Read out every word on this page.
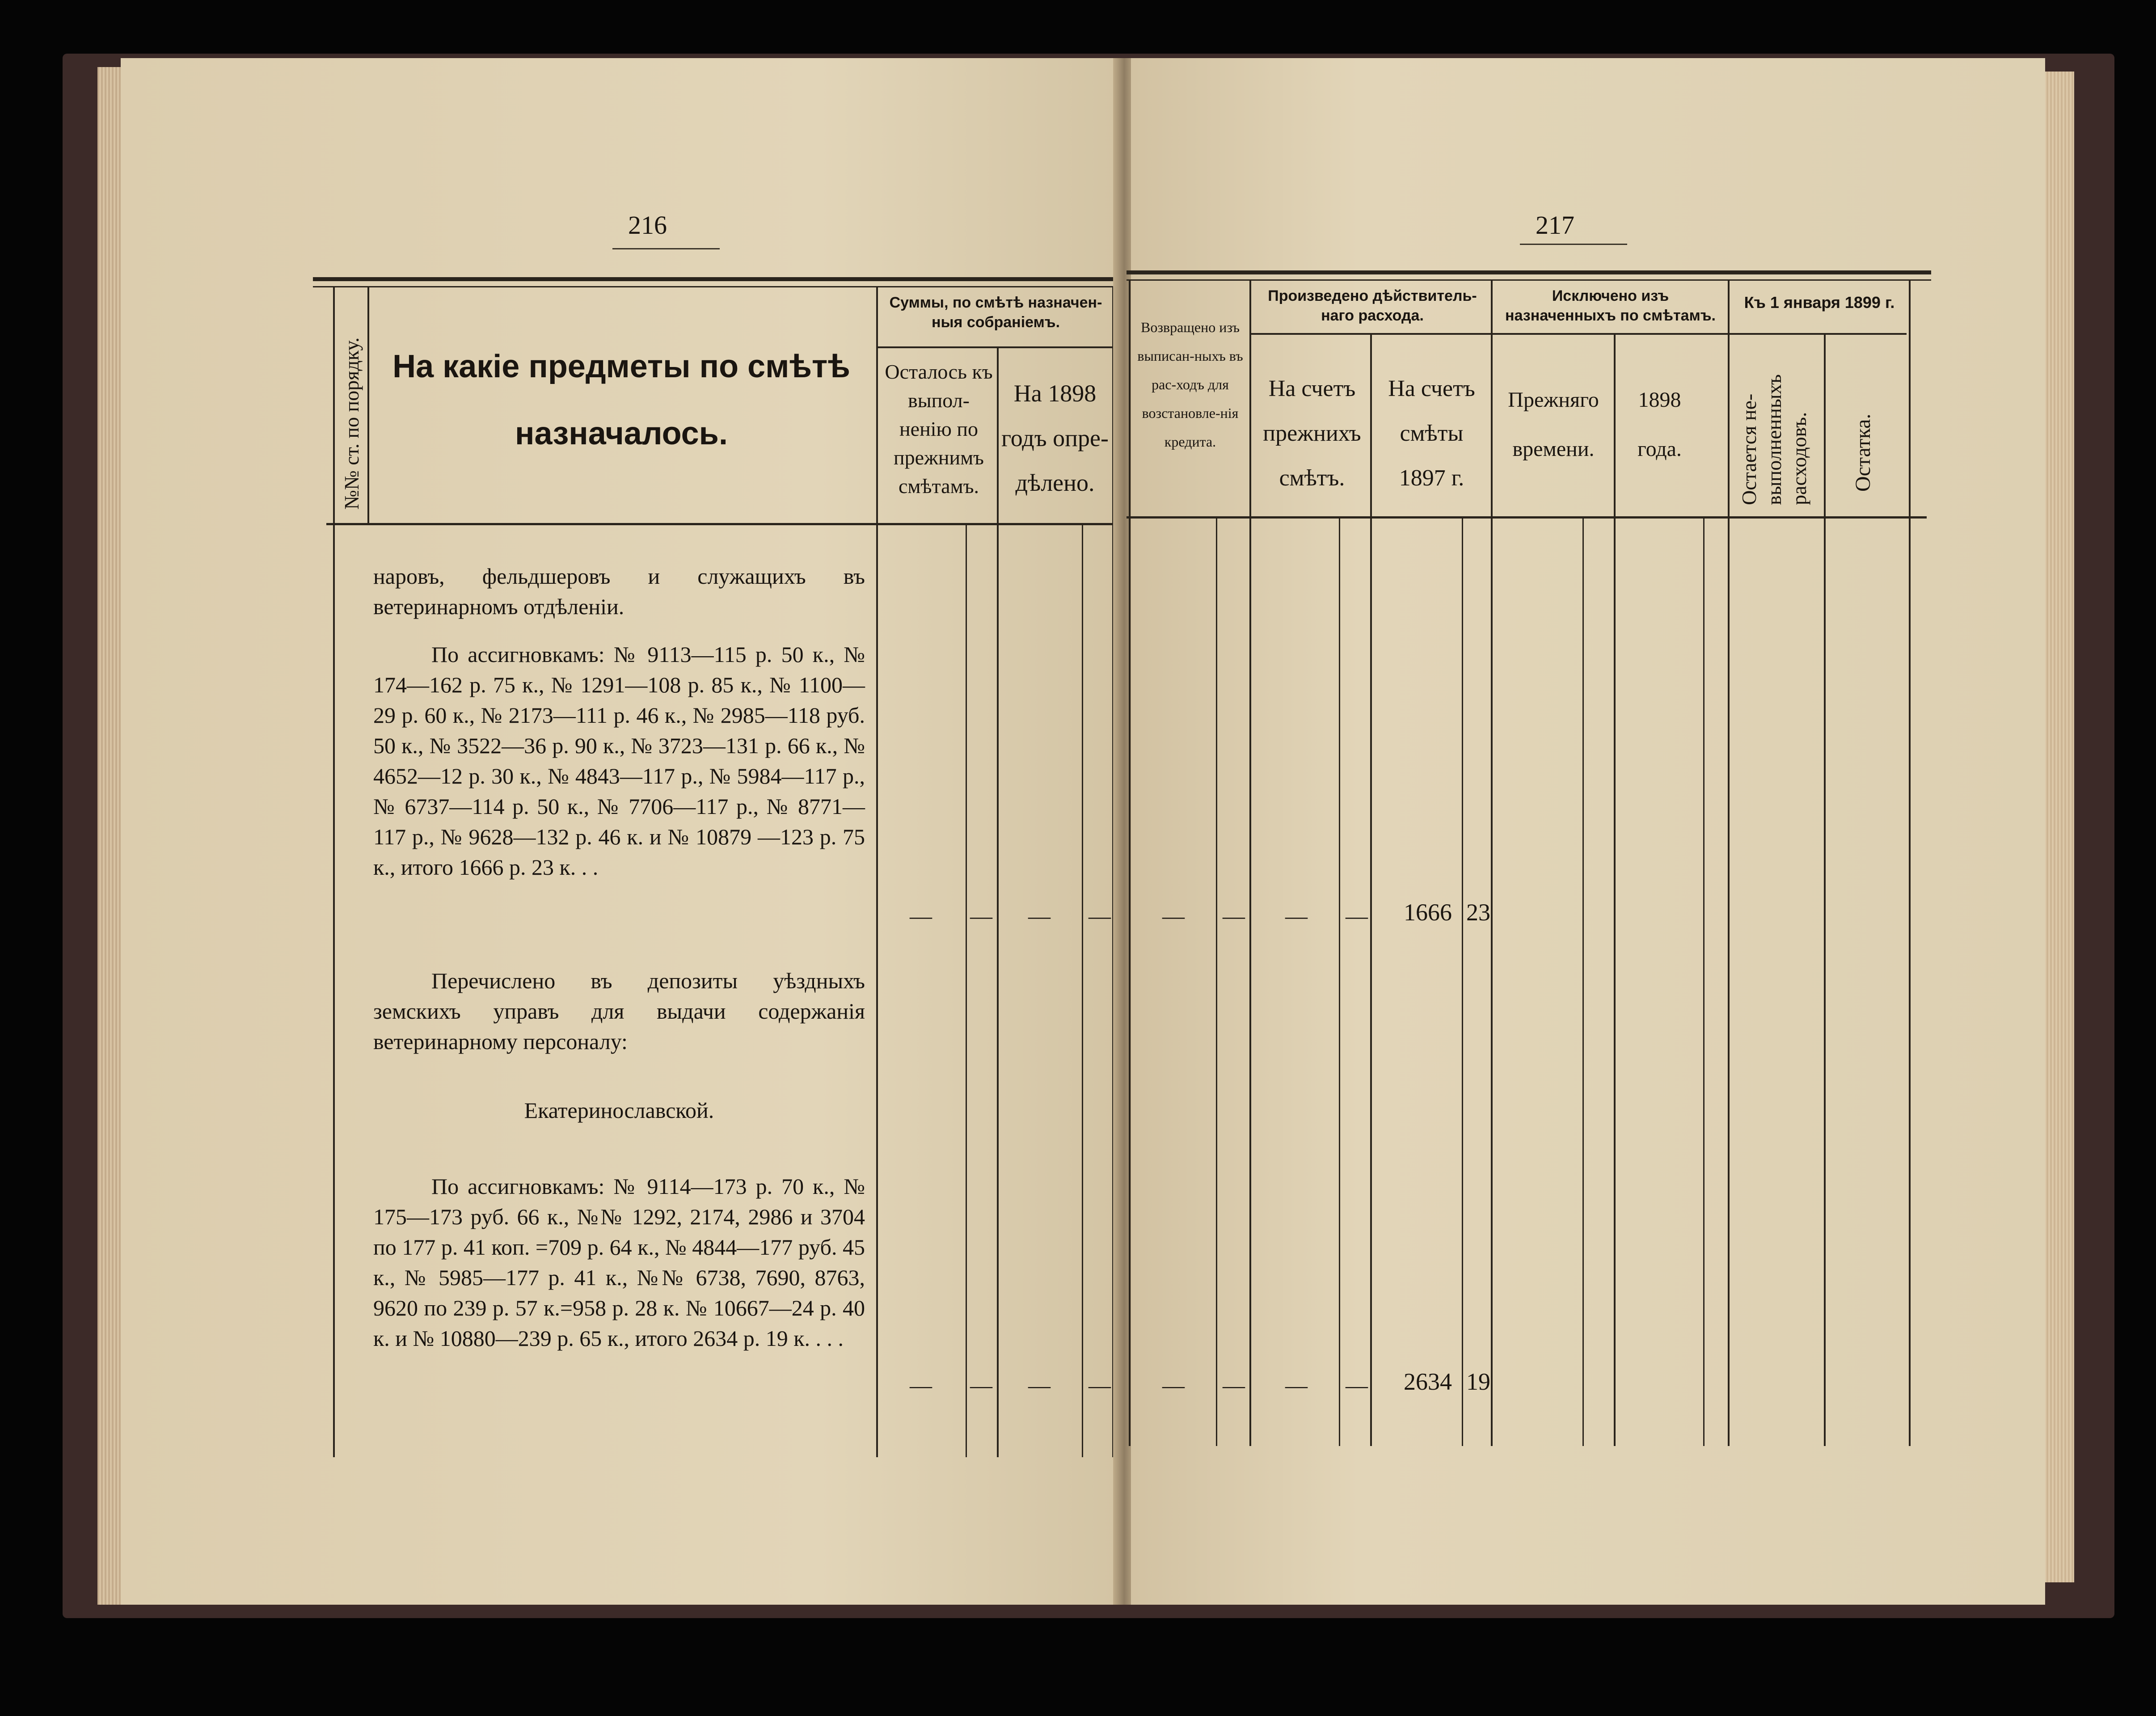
216
№№ ст. по порядку. На какіе предметы по смѣтѣ назначалось.
Суммы, по смѣтѣ назначен-ныя собраніемъ.
Осталось къ выпол-ненію по прежнимъ смѣтамъ.
На 1898 годъ опре-дѣлено.
наровъ, фельдшеровъ и служащихъ въ ветеринарномъ отдѣленіи.
По ассигновкамъ: № 9113—115 р. 50 к., № 174—162 р. 75 к., № 1291—108 р. 85 к., № 1100—29 р. 60 к., № 2173—111 р. 46 к., № 2985—118 руб. 50 к., № 3522—36 р. 90 к., № 3723—131 р. 66 к., № 4652—12 р. 30 к., № 4843—117 р., № 5984—117 р., № 6737—114 р. 50 к., № 7706—117 р., № 8771—117 р., № 9628—132 р. 46 к. и № 10879 —123 р. 75 к., итого 1666 р. 23 к. . .
Перечислено въ депозиты уѣздныхъ земскихъ управъ для выдачи содержанія ветеринарному персоналу:
Екатеринославской.
По ассигновкамъ: № 9114—173 р. 70 к., № 175—173 руб. 66 к., №№ 1292, 2174, 2986 и 3704 по 177 р. 41 коп. =709 р. 64 к., № 4844—177 руб. 45 к., № 5985—177 р. 41 к., №№ 6738, 7690, 8763, 9620 по 239 р. 57 к.=958 р. 28 к. № 10667—24 р. 40 к. и № 10880—239 р. 65 к., итого 2634 р. 19 к. . . .
— — — —
— — — —
217
Возвращено изъ выписан-ныхъ въ рас-ходъ для возстановле-нія кредита.
Произведено дѣйствитель-наго расхода.
На счетъ прежнихъ смѣтъ.
На счетъ смѣты 1897 г.
Исключено изъ назначенныхъ по смѣтамъ.
Прежняго времени.
1898 года.
Къ 1 января 1899 г.
Остается не-выполненныхъ расходовъ. Остатка.
— — — — 1666 23
— — — — 2634 19
